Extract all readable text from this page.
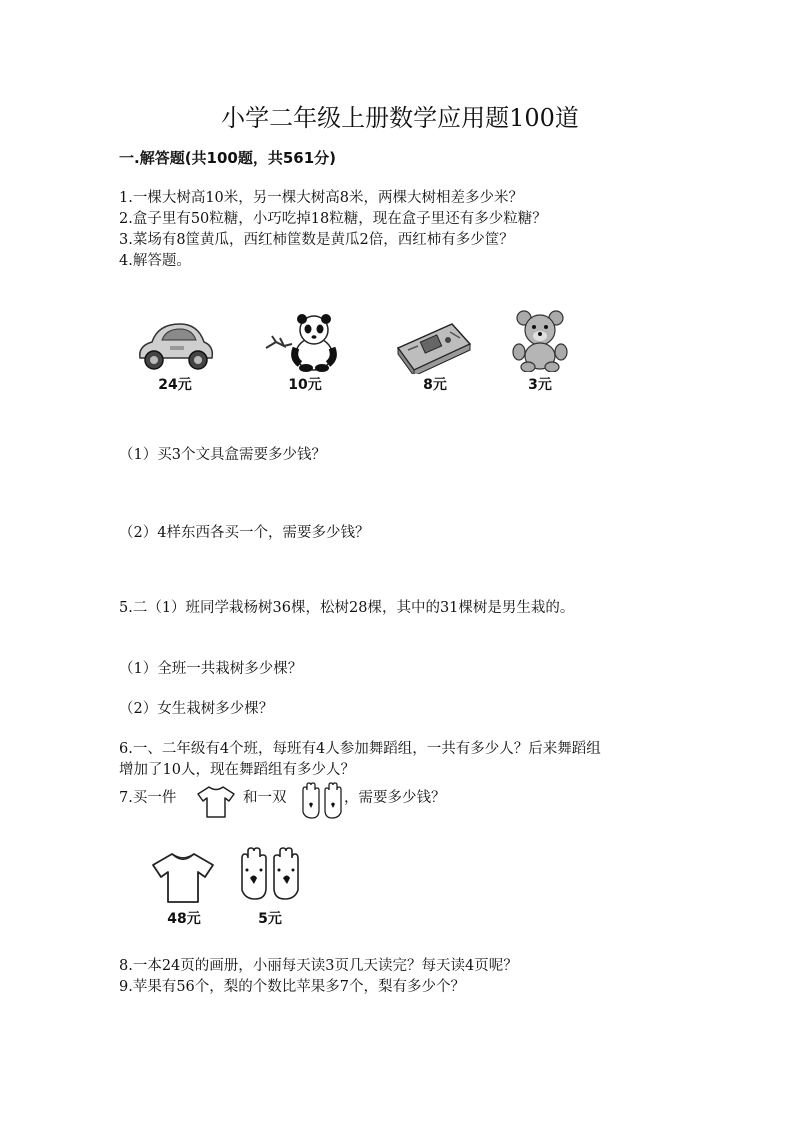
小学二年级上册数学应用题100道
一.解答题(共100题，共561分)
1.一棵大树高10米，另一棵大树高8米，两棵大树相差多少米？
2.盒子里有50粒糖，小巧吃掉18粒糖，现在盒子里还有多少粒糖？
3.菜场有8筐黄瓜，西红柿筐数是黄瓜2倍，西红柿有多少筐？
4.解答题。
24元	10元	8元	3元
（1）买3个文具盒需要多少钱？
（2）4样东西各买一个，需要多少钱？
5.二（1）班同学栽杨树36棵，松树28棵，其中的31棵树是男生栽的。
（1）全班一共栽树多少棵？
（2）女生栽树多少棵？
6.一、二年级有4个班，每班有4人参加舞蹈组，一共有多少人？后来舞蹈组
增加了10人，现在舞蹈组有多少人？
7.买一件	和一双	，需要多少钱？
48元	5元
8.一本24页的画册，小丽每天读3页几天读完？每天读4页呢？
9.苹果有56个，梨的个数比苹果多7个，梨有多少个？
